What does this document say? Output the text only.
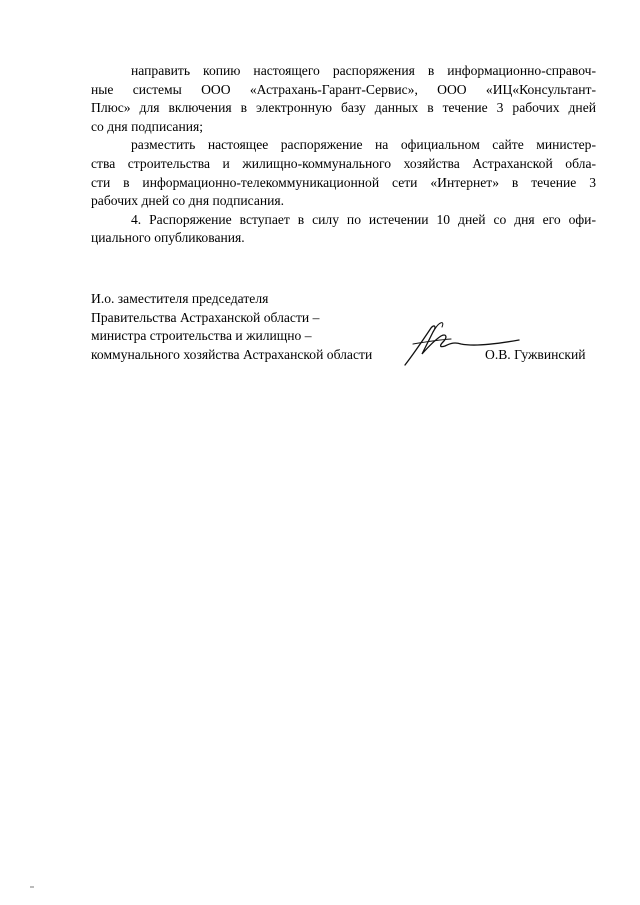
направить копию настоящего распоряжения в информационно-справоч-
ные системы ООО «Астрахань-Гарант-Сервис», ООО «ИЦ«Консультант-
Плюс» для включения в электронную базу данных в течение 3 рабочих дней
со дня подписания;
разместить настоящее распоряжение на официальном сайте министер-
ства строительства и жилищно-коммунального хозяйства Астраханской обла-
сти в информационно-телекоммуникационной сети «Интернет» в течение 3
рабочих дней со дня подписания.
4. Распоряжение вступает в силу по истечении 10 дней со дня его офи-
циального опубликования.
И.о. заместителя председателя
Правительства Астраханской области –
министра строительства и жилищно –
коммунального хозяйства Астраханской области	О.В. Гужвинский
